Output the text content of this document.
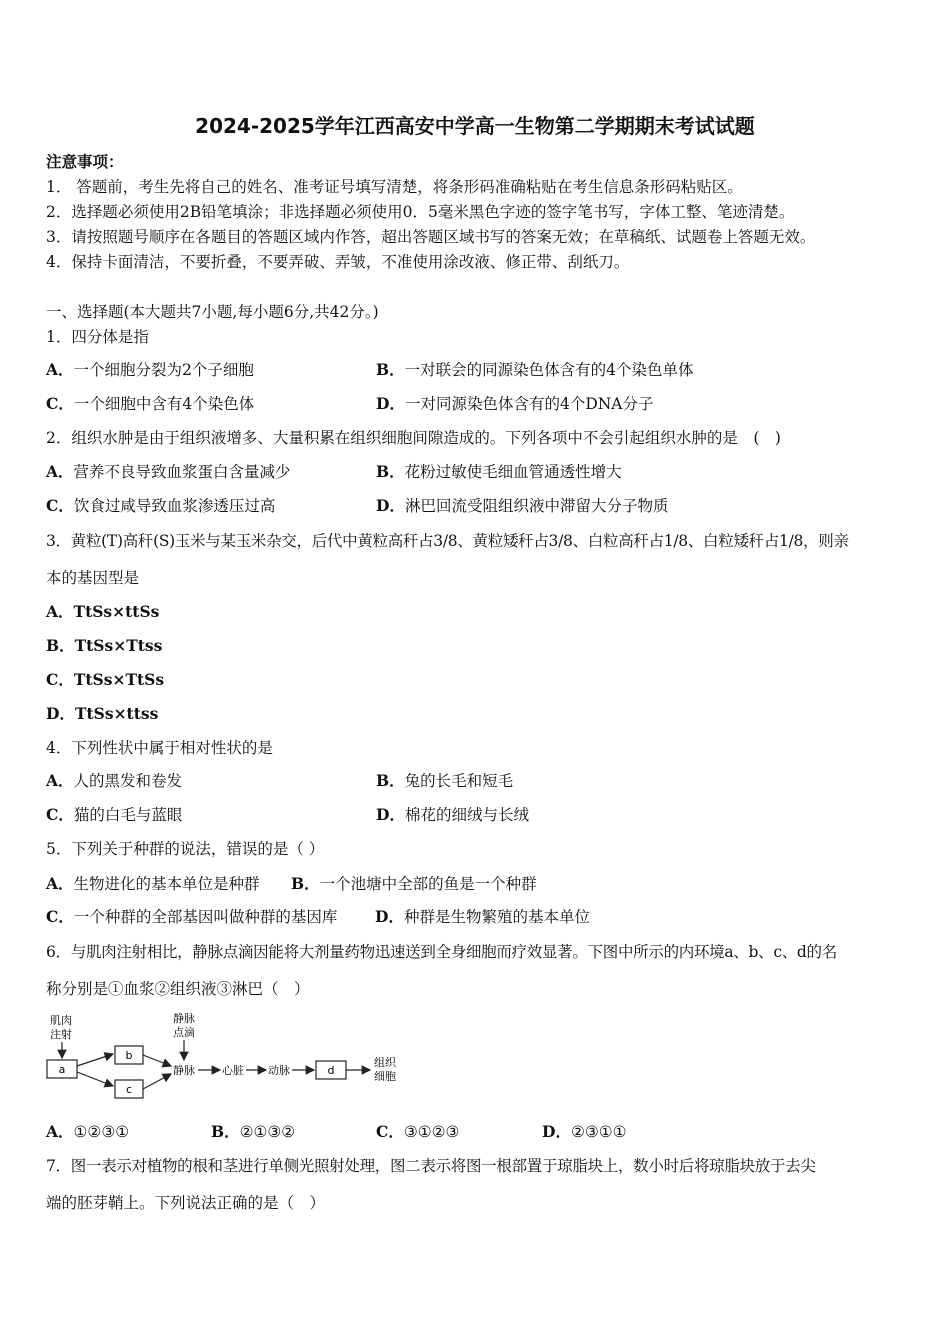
2024-2025学年江西高安中学高一生物第二学期期末考试试题
注意事项：
1． 答题前，考生先将自己的姓名、准考证号填写清楚，将条形码准确粘贴在考生信息条形码粘贴区。
2．选择题必须使用2B铅笔填涂；非选择题必须使用0．5毫米黑色字迹的签字笔书写，字体工整、笔迹清楚。
3．请按照题号顺序在各题目的答题区域内作答，超出答题区域书写的答案无效；在草稿纸、试题卷上答题无效。
4．保持卡面清洁，不要折叠，不要弄破、弄皱，不准使用涂改液、修正带、刮纸刀。
一、选择题(本大题共7小题,每小题6分,共42分。)
1．四分体是指
A．一个细胞分裂为2个子细胞	B．一对联会的同源染色体含有的4个染色单体
C．一个细胞中含有4个染色体	D．一对同源染色体含有的4个DNA分子
2．组织水肿是由于组织液增多、大量积累在组织细胞间隙造成的。下列各项中不会引起组织水肿的是　(　)
A．营养不良导致血浆蛋白含量减少	B．花粉过敏使毛细血管通透性增大
C．饮食过咸导致血浆渗透压过高	D．淋巴回流受阻组织液中滞留大分子物质
3．黄粒(T)高秆(S)玉米与某玉米杂交，后代中黄粒高秆占3/8、黄粒矮秆占3/8、白粒高秆占1/8、白粒矮秆占1/8，则亲
本的基因型是
A．TtSs×ttSs
B．TtSs×Ttss
C．TtSs×TtSs
D．TtSs×ttss
4．下列性状中属于相对性状的是
A．人的黑发和卷发	B．兔的长毛和短毛
C．猫的白毛与蓝眼	D．棉花的细绒与长绒
5．下列关于种群的说法，错误的是（ ）
A．生物进化的基本单位是种群 B．一个池塘中全部的鱼是一个种群
C．一个种群的全部基因叫做种群的基因库 D．种群是生物繁殖的基本单位
6．与肌肉注射相比，静脉点滴因能将大剂量药物迅速送到全身细胞而疗效显著。下图中所示的内环境a、b、c、d的名
称分别是①血浆②组织液③淋巴（　）
肌肉
注射
a
b
c
静脉
点滴
静脉 心脏 动脉	d
组织
细胞
A．①②③①	B．②①③②	C．③①②③	D．②③①①
7．图一表示对植物的根和茎进行单侧光照射处理，图二表示将图一根部置于琼脂块上，数小时后将琼脂块放于去尖
端的胚芽鞘上。下列说法正确的是（　）
